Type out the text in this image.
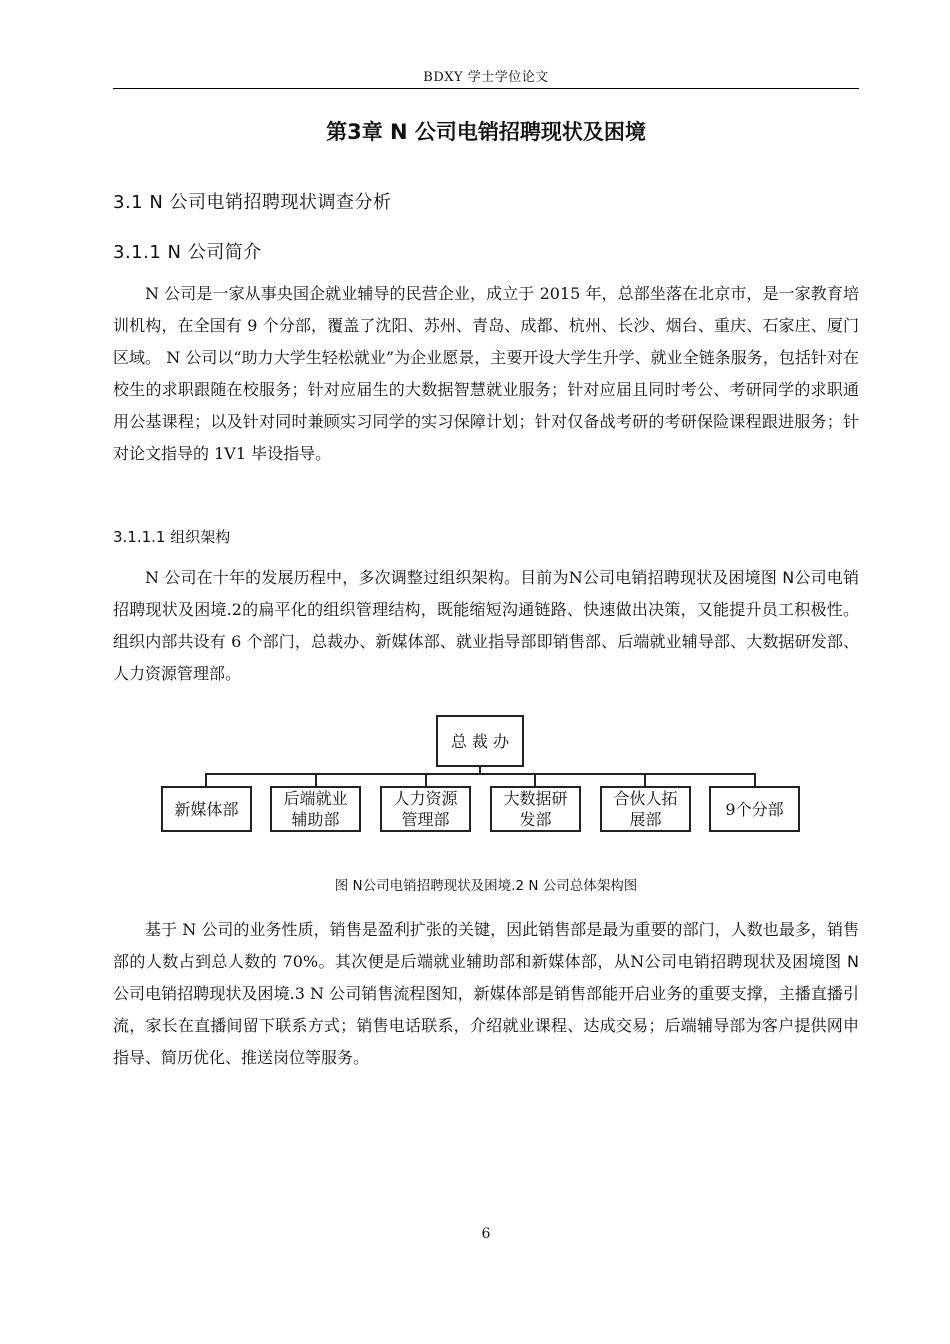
BDXY 学士学位论文
第3章 N 公司电销招聘现状及困境
3.1 N 公司电销招聘现状调查分析
3.1.1 N 公司简介

N 公司是一家从事央国企就业辅导的民营企业，成立于 2015 年，总部坐落在北京市，是一家教育培训机构，在全国有 9 个分部，覆盖了沈阳、苏州、青岛、成都、杭州、长沙、烟台、重庆、石家庄、厦门区域。 N 公司以“助力大学生轻松就业”为企业愿景，主要开设大学生升学、就业全链条服务，包括针对在校生的求职跟随在校服务；针对应届生的大数据智慧就业服务；针对应届且同时考公、考研同学的求职通用公基课程；以及针对同时兼顾实习同学的实习保障计划；针对仅备战考研的考研保险课程跟进服务；针对论文指导的 1V1 毕设指导。

3.1.1.1 组织架构

N 公司在十年的发展历程中，多次调整过组织架构。目前为N公司电销招聘现状及困境图 N公司电销招聘现状及困境.2的扁平化的组织管理结构，既能缩短沟通链路、快速做出决策，又能提升员工积极性。组织内部共设有 6 个部门，总裁办、新媒体部、就业指导部即销售部、后端就业辅导部、大数据研发部、人力资源管理部。

总 裁 办
新媒体部
后端就业
辅助部
人力资源
管理部
大数据研
发部
合伙人拓
展部
9个分部
图 N公司电销招聘现状及困境.2 N 公司总体架构图

基于 N 公司的业务性质，销售是盈利扩张的关键，因此销售部是最为重要的部门，人数也最多，销售部的人数占到总人数的 70%。其次便是后端就业辅助部和新媒体部，从N公司电销招聘现状及困境图 N 公司电销招聘现状及困境.3 N 公司销售流程图知，新媒体部是销售部能开启业务的重要支撑，主播直播引流，家长在直播间留下联系方式；销售电话联系，介绍就业课程、达成交易；后端辅导部为客户提供网申指导、简历优化、推送岗位等服务。

6
